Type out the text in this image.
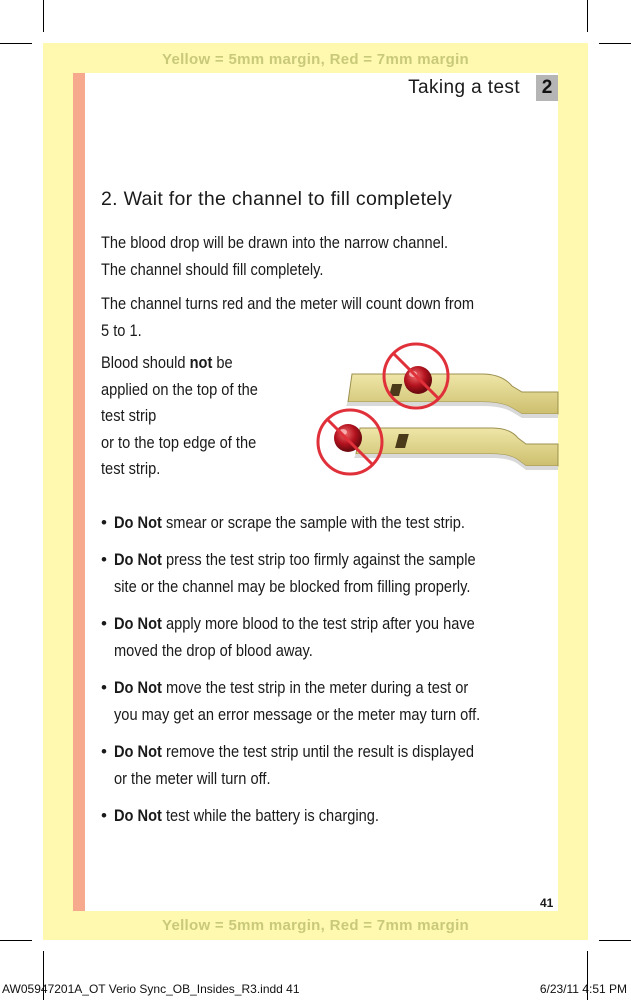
Yellow = 5mm margin, Red = 7mm margin
Yellow = 5mm margin, Red = 7mm margin
Taking a test	2
2. Wait for the channel to fill completely
The blood drop will be drawn into the narrow channel.
The channel should fill completely.
The channel turns red and the meter will count down from
5 to 1.
Blood should not be
applied on the top of the
test strip
or to the top edge of the
test strip.
• Do Not smear or scrape the sample with the test strip.
• Do Not press the test strip too firmly against the sample
site or the channel may be blocked from filling properly.
• Do Not apply more blood to the test strip after you have
moved the drop of blood away.
• Do Not move the test strip in the meter during a test or
you may get an error message or the meter may turn off.
• Do Not remove the test strip until the result is displayed
or the meter will turn off.
• Do Not test while the battery is charging.
41
AW05947201A_OT Verio Sync_OB_Insides_R3.indd 41	6/23/11 4:51 PM
